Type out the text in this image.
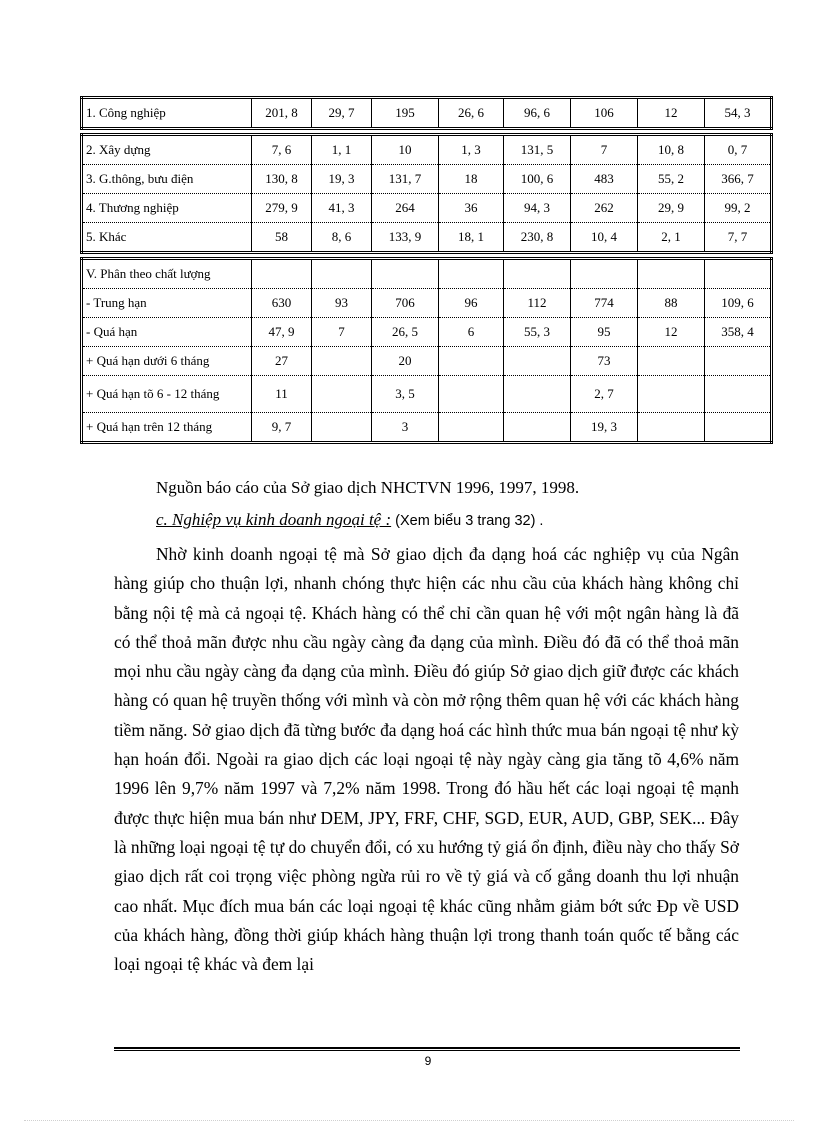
1. Công nghiệp	201, 8	29, 7	195	26, 6	96, 6	106	12	54, 3
2. Xây dựng	7, 6	1, 1	10	1, 3	131, 5	7	10, 8	0, 7
3. G.thông, bưu điện	130, 8	19, 3	131, 7	18	100, 6	483	55, 2	366, 7
4. Thương nghiệp	279, 9	41, 3	264	36	94, 3	262	29, 9	99, 2
5. Khác	58	8, 6	133, 9	18, 1	230, 8	10, 4	2, 1	7, 7
V. Phân theo chất lượng								
- Trung hạn	630	93	706	96	112	774	88	109, 6
- Quá hạn	47, 9	7	26, 5	6	55, 3	95	12	358, 4
+ Quá hạn dưới 6 tháng	27		20			73		
+ Quá hạn tõ 6 - 12 tháng	11		3, 5			2, 7		
+ Quá hạn trên 12 tháng	9, 7		3			19, 3		
Nguồn báo cáo của Sở giao dịch NHCTVN 1996, 1997, 1998.
c. Nghiệp vụ kinh doanh ngoại tệ : (Xem biểu 3 trang 32) .

Nhờ kinh doanh ngoại tệ mà Sở giao dịch đa dạng hoá các nghiệp vụ của Ngân hàng giúp cho thuận lợi, nhanh chóng thực hiện các nhu cầu của khách hàng không chỉ bằng nội tệ mà cả ngoại tệ. Khách hàng có thể chỉ cần quan hệ với một ngân hàng là đã có thể thoả mãn được nhu cầu ngày càng đa dạng của mình. Điều đó đã có thể thoả mãn mọi nhu cầu ngày càng đa dạng của mình. Điều đó giúp Sở giao dịch giữ được các khách hàng có quan hệ truyền thống với mình và còn mở rộng thêm quan hệ với các khách hàng tiềm năng. Sở giao dịch đã từng bước đa dạng hoá các hình thức mua bán ngoại tệ như kỳ hạn hoán đổi. Ngoài ra giao dịch các loại ngoại tệ này ngày càng gia tăng tõ 4,6% năm 1996 lên 9,7% năm 1997 và 7,2% năm 1998. Trong đó hầu hết các loại ngoại tệ mạnh được thực hiện mua bán như DEM, JPY, FRF, CHF, SGD, EUR, AUD, GBP, SEK... Đây là những loại ngoại tệ tự do chuyển đổi, có xu hướng tỷ giá ổn định, điều này cho thấy Sở giao dịch rất coi trọng việc phòng ngừa rủi ro về tỷ giá và cố gắng doanh thu lợi nhuận cao nhất. Mục đích mua bán các loại ngoại tệ khác cũng nhằm giảm bớt sức Đp về USD của khách hàng, đồng thời giúp khách hàng thuận lợi trong thanh toán quốc tế bằng các loại ngoại tệ khác và đem lại

9
